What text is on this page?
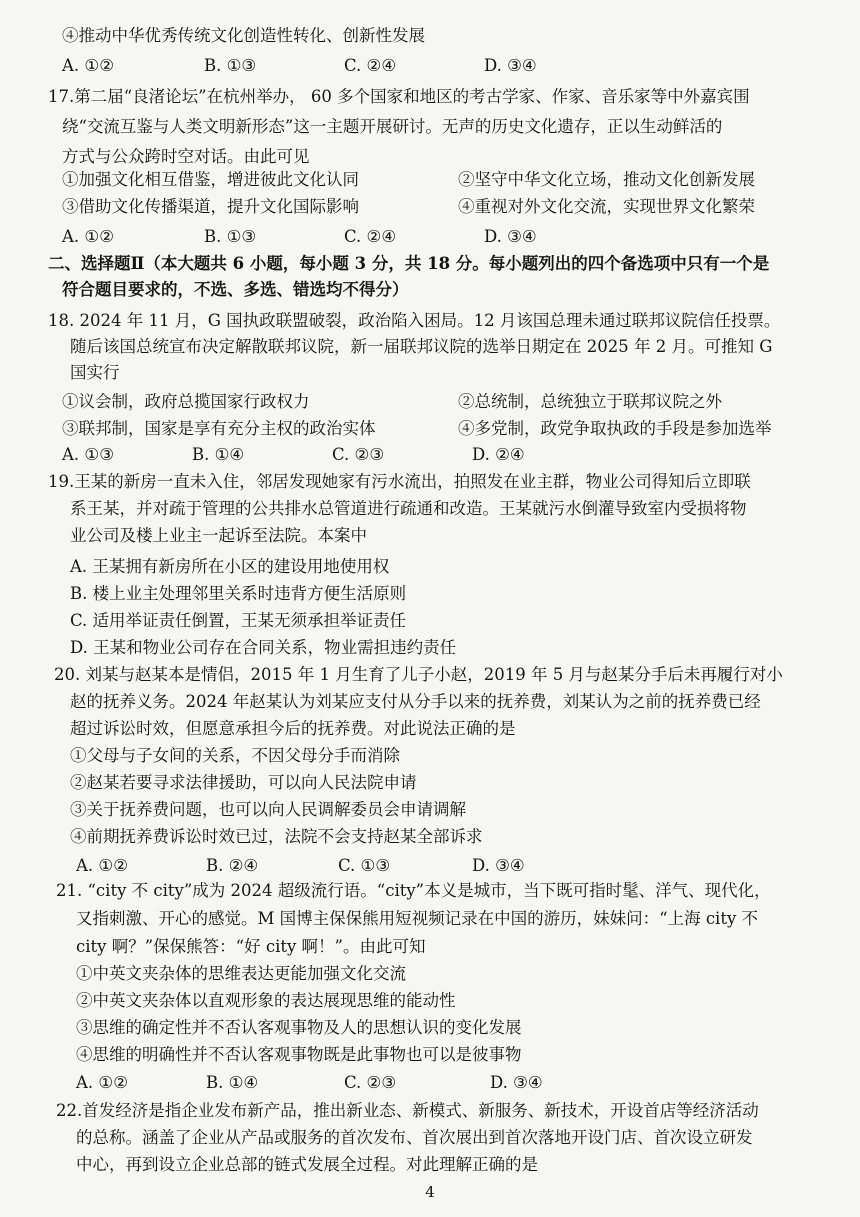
④推动中华优秀传统文化创造性转化、创新性发展
A. ①②	B. ①③	C. ②④	D. ③④
17.第二届“良渚论坛”在杭州举办， 60 多个国家和地区的考古学家、作家、音乐家等中外嘉宾围
绕“交流互鉴与人类文明新形态”这一主题开展研讨。无声的历史文化遗存，正以生动鲜活的
方式与公众跨时空对话。由此可见
①加强文化相互借鉴，增进彼此文化认同	②坚守中华文化立场，推动文化创新发展
③借助文化传播渠道，提升文化国际影响	④重视对外文化交流，实现世界文化繁荣
A. ①②	B. ①③	C. ②④	D. ③④
二、选择题Ⅱ（本大题共 6 小题，每小题 3 分，共 18 分。每小题列出的四个备选项中只有一个是
符合题目要求的，不选、多选、错选均不得分）
18. 2024 年 11 月，G 国执政联盟破裂，政治陷入困局。12 月该国总理未通过联邦议院信任投票。
随后该国总统宣布决定解散联邦议院，新一届联邦议院的选举日期定在 2025 年 2 月。可推知 G
国实行
①议会制，政府总揽国家行政权力	②总统制，总统独立于联邦议院之外
③联邦制，国家是享有充分主权的政治实体	④多党制，政党争取执政的手段是参加选举
A. ①③	B. ①④	C. ②③	D. ②④
19.王某的新房一直未入住，邻居发现她家有污水流出，拍照发在业主群，物业公司得知后立即联
系王某，并对疏于管理的公共排水总管道进行疏通和改造。王某就污水倒灌导致室内受损将物
业公司及楼上业主一起诉至法院。本案中
A. 王某拥有新房所在小区的建设用地使用权
B. 楼上业主处理邻里关系时违背方便生活原则
C. 适用举证责任倒置，王某无须承担举证责任
D. 王某和物业公司存在合同关系，物业需担违约责任
20. 刘某与赵某本是情侣，2015 年 1 月生育了儿子小赵，2019 年 5 月与赵某分手后未再履行对小
赵的抚养义务。2024 年赵某认为刘某应支付从分手以来的抚养费，刘某认为之前的抚养费已经
超过诉讼时效，但愿意承担今后的抚养费。对此说法正确的是
①父母与子女间的关系，不因父母分手而消除
②赵某若要寻求法律援助，可以向人民法院申请
③关于抚养费问题，也可以向人民调解委员会申请调解
④前期抚养费诉讼时效已过，法院不会支持赵某全部诉求
A. ①②	B. ②④	C. ①③	D. ③④
21. “city 不 city”成为 2024 超级流行语。“city”本义是城市，当下既可指时髦、洋气、现代化，
又指刺激、开心的感觉。M 国博主保保熊用短视频记录在中国的游历，妹妹问：“上海 city 不
city 啊？”保保熊答：“好 city 啊！”。由此可知
①中英文夹杂体的思维表达更能加强文化交流
②中英文夹杂体以直观形象的表达展现思维的能动性
③思维的确定性并不否认客观事物及人的思想认识的变化发展
④思维的明确性并不否认客观事物既是此事物也可以是彼事物
A. ①②	B. ①④	C. ②③	D. ③④
22.首发经济是指企业发布新产品，推出新业态、新模式、新服务、新技术，开设首店等经济活动
的总称。涵盖了企业从产品或服务的首次发布、首次展出到首次落地开设门店、首次设立研发
中心，再到设立企业总部的链式发展全过程。对此理解正确的是
4
